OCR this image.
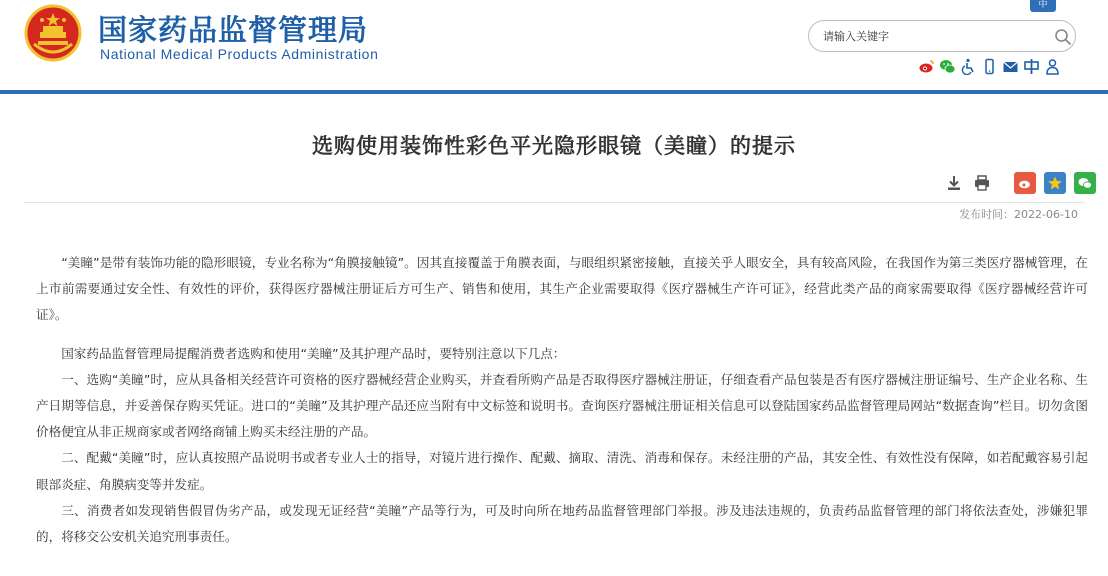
国家药品监督管理局
National Medical Products Administration
中
请输入关键字
选购使用装饰性彩色平光隐形眼镜（美瞳）的提示
发布时间：2022-06-10

“美瞳”是带有装饰功能的隐形眼镜，专业名称为“角膜接触镜”。因其直接覆盖于角膜表面，与眼组织紧密接触，直接关乎人眼安全，具有较高风险，在我国作为第三类医疗器械管理，在上市前需要通过安全性、有效性的评价，获得医疗器械注册证后方可生产、销售和使用，其生产企业需要取得《医疗器械生产许可证》，经营此类产品的商家需要取得《医疗器械经营许可证》。

国家药品监督管理局提醒消费者选购和使用“美瞳”及其护理产品时，要特别注意以下几点：

一、选购“美瞳”时，应从具备相关经营许可资格的医疗器械经营企业购买，并查看所购产品是否取得医疗器械注册证，仔细查看产品包装是否有医疗器械注册证编号、生产企业名称、生产日期等信息，并妥善保存购买凭证。进口的“美瞳”及其护理产品还应当附有中文标签和说明书。查询医疗器械注册证相关信息可以登陆国家药品监督管理局网站“数据查询”栏目。切勿贪图价格便宜从非正规商家或者网络商铺上购买未经注册的产品。

二、配戴“美瞳”时，应认真按照产品说明书或者专业人士的指导，对镜片进行操作、配戴、摘取、清洗、消毒和保存。未经注册的产品，其安全性、有效性没有保障，如若配戴容易引起眼部炎症、角膜病变等并发症。

三、消费者如发现销售假冒伪劣产品，或发现无证经营“美瞳”产品等行为，可及时向所在地药品监督管理部门举报。涉及违法违规的，负责药品监督管理的部门将依法查处，涉嫌犯罪的，将移交公安机关追究刑事责任。
